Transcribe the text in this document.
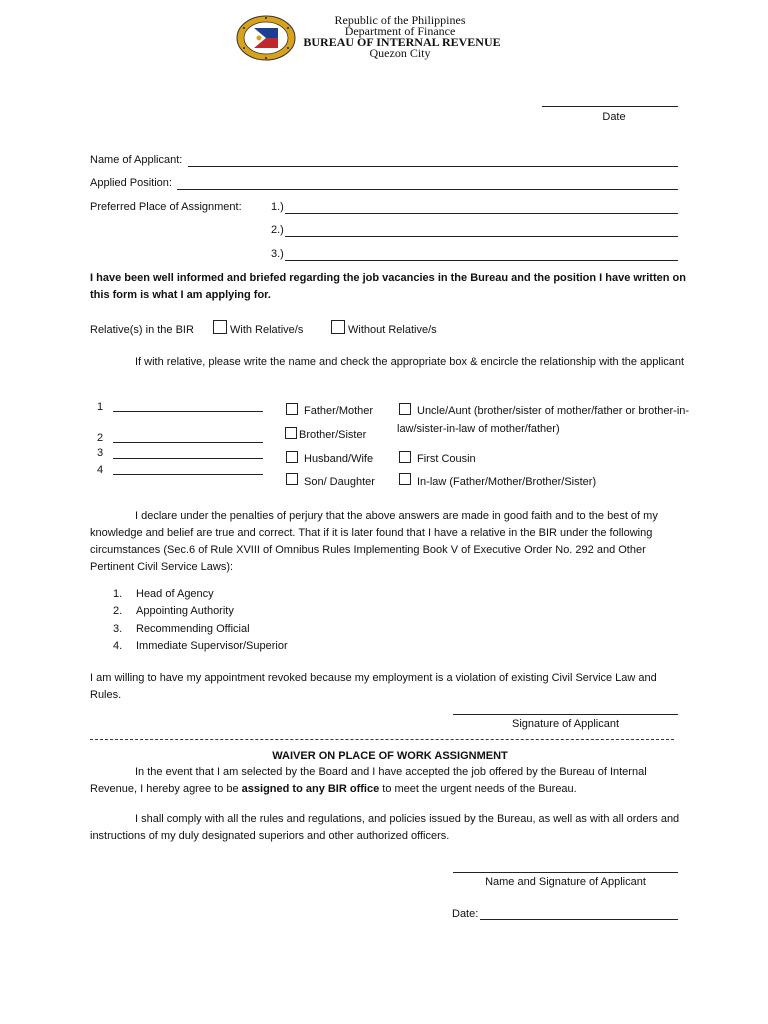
Republic of the Philippines
Department of Finance
BUREAU OF INTERNAL REVENUE
Quezon City
Date
Name of Applicant:
Applied Position:
Preferred Place of Assignment:	1.)
2.)
3.)
I have been well informed and briefed regarding the job vacancies in the Bureau and the position I have written on this form is what I am applying for.
Relative(s) in the BIR	With Relative/s	Without Relative/s
If with relative, please write the name and check the appropriate box & encircle the relationship with the applicant
1
2
3
4
Father/Mother
Brother/Sister
Husband/Wife
Son/ Daughter
Uncle/Aunt (brother/sister of mother/father or brother-in-
law/sister-in-law of mother/father)
First Cousin
In-law (Father/Mother/Brother/Sister)
I declare under the penalties of perjury that the above answers are made in good faith and to the best of my knowledge and belief are true and correct. That if it is later found that I have a relative in the BIR under the following circumstances (Sec.6 of Rule XVIII of Omnibus Rules Implementing Book V of Executive Order No. 292 and Other Pertinent Civil Service Laws):
1. Head of Agency
2. Appointing Authority
3. Recommending Official
4. Immediate Supervisor/Superior
I am willing to have my appointment revoked because my employment is a violation of existing Civil Service Law and Rules.
Signature of Applicant
WAIVER ON PLACE OF WORK ASSIGNMENT
In the event that I am selected by the Board and I have accepted the job offered by the Bureau of Internal Revenue, I hereby agree to be assigned to any BIR office to meet the urgent needs of the Bureau.
I shall comply with all the rules and regulations, and policies issued by the Bureau, as well as with all orders and instructions of my duly designated superiors and other authorized officers.
Name and Signature of Applicant
Date:
